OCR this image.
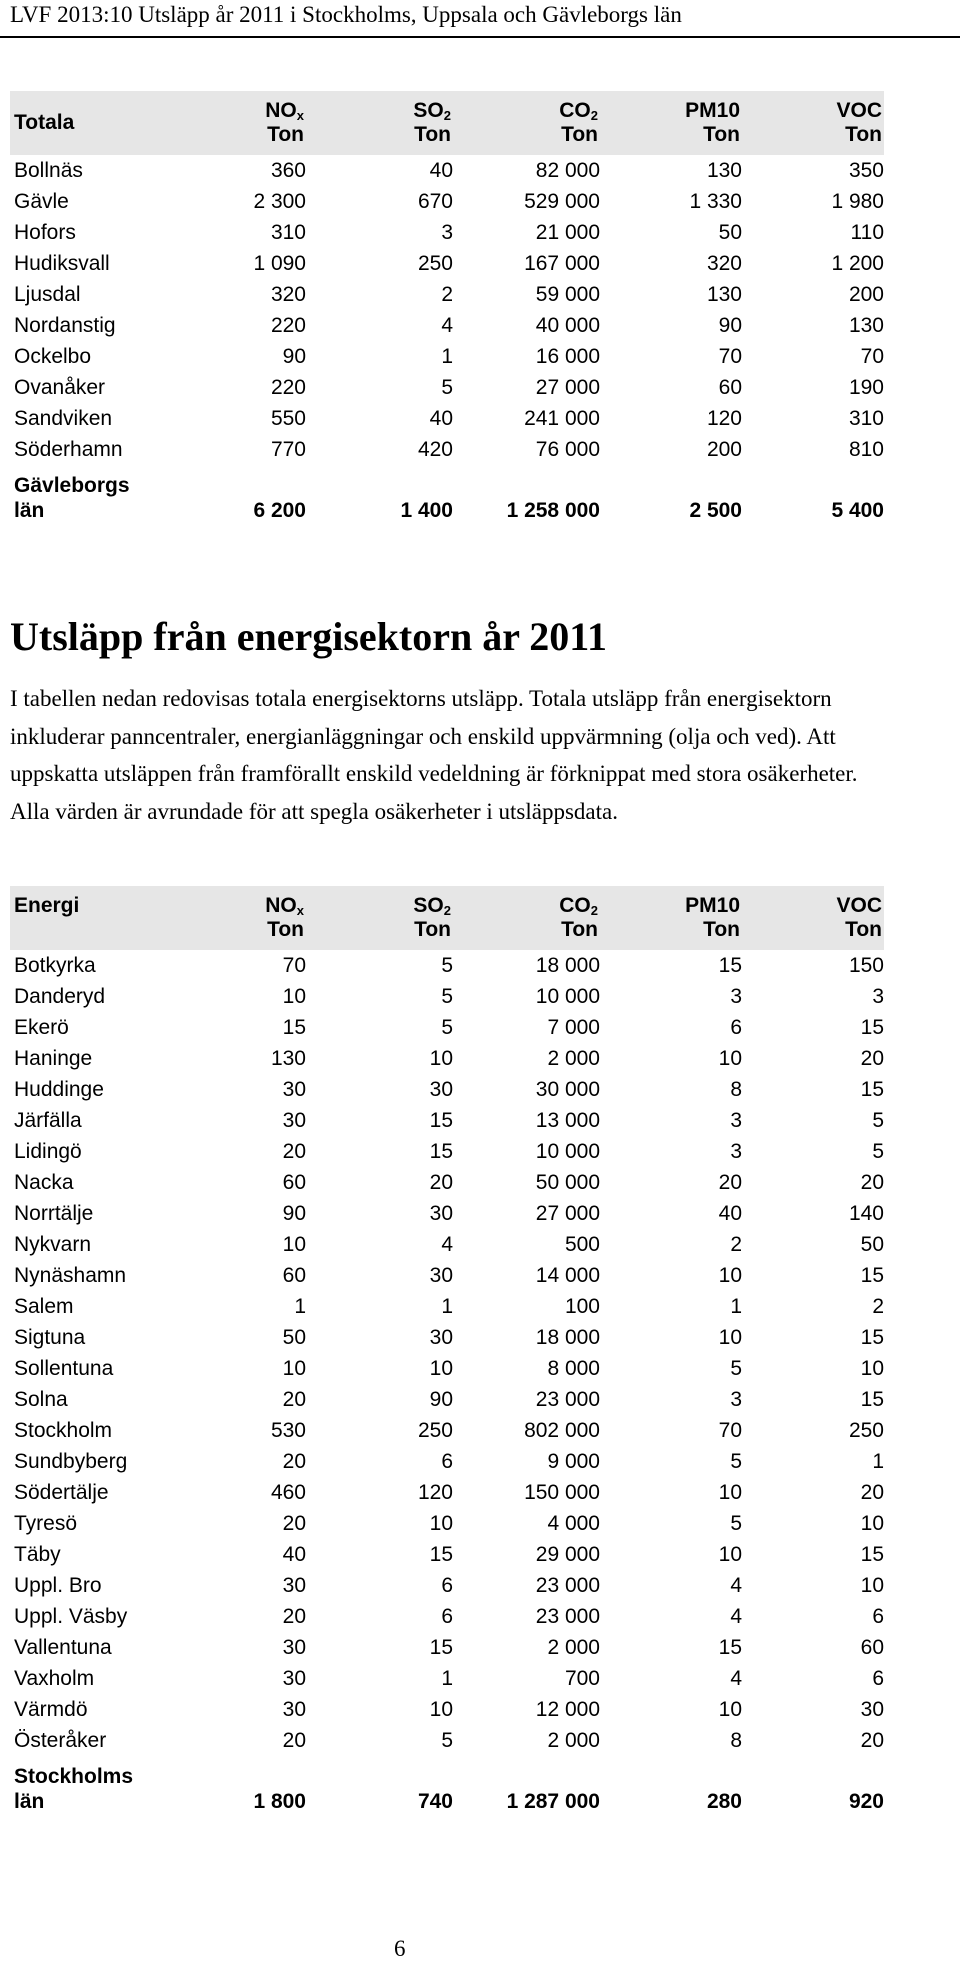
LVF 2013:10 Utsläpp år 2011 i Stockholms, Uppsala och Gävleborgs län
Totala	$NO_x$	$SO_2$	$CO_2$	PM10	VOC
	Ton	Ton	Ton	Ton	Ton
Bollnäs	360	40	82 000	130	350
Gävle	2 300	670	529 000	1 330	1 980
Hofors	310	3	21 000	50	110
Hudiksvall	1 090	250	167 000	320	1 200
Ljusdal	320	2	59 000	130	200
Nordanstig	220	4	40 000	90	130
Ockelbo	90	1	16 000	70	70
Ovanåker	220	5	27 000	60	190
Sandviken	550	40	241 000	120	310
Söderhamn	770	420	76 000	200	810
Gävleborgs
län	6 200	1 400	1 258 000	2 500	5 400
Utsläpp från energisektorn år 2011

I tabellen nedan redovisas totala energisektorns utsläpp. Totala utsläpp från energisektorn inkluderar panncentraler, energianläggningar och enskild uppvärmning (olja och ved). Att uppskatta utsläppen från framförallt enskild vedeldning är förknippat med stora osäkerheter. Alla värden är avrundade för att spegla osäkerheter i utsläppsdata.

Energi	$NO_x$	$SO_2$	$CO_2$	PM10	VOC
	Ton	Ton	Ton	Ton	Ton
Botkyrka	70	5	18 000	15	150
Danderyd	10	5	10 000	3	3
Ekerö	15	5	7 000	6	15
Haninge	130	10	2 000	10	20
Huddinge	30	30	30 000	8	15
Järfälla	30	15	13 000	3	5
Lidingö	20	15	10 000	3	5
Nacka	60	20	50 000	20	20
Norrtälje	90	30	27 000	40	140
Nykvarn	10	4	500	2	50
Nynäshamn	60	30	14 000	10	15
Salem	1	1	100	1	2
Sigtuna	50	30	18 000	10	15
Sollentuna	10	10	8 000	5	10
Solna	20	90	23 000	3	15
Stockholm	530	250	802 000	70	250
Sundbyberg	20	6	9 000	5	1
Södertälje	460	120	150 000	10	20
Tyresö	20	10	4 000	5	10
Täby	40	15	29 000	10	15
Uppl. Bro	30	6	23 000	4	10
Uppl. Väsby	20	6	23 000	4	6
Vallentuna	30	15	2 000	15	60
Vaxholm	30	1	700	4	6
Värmdö	30	10	12 000	10	30
Österåker	20	5	2 000	8	20
Stockholms
län	1 800	740	1 287 000	280	920
6
